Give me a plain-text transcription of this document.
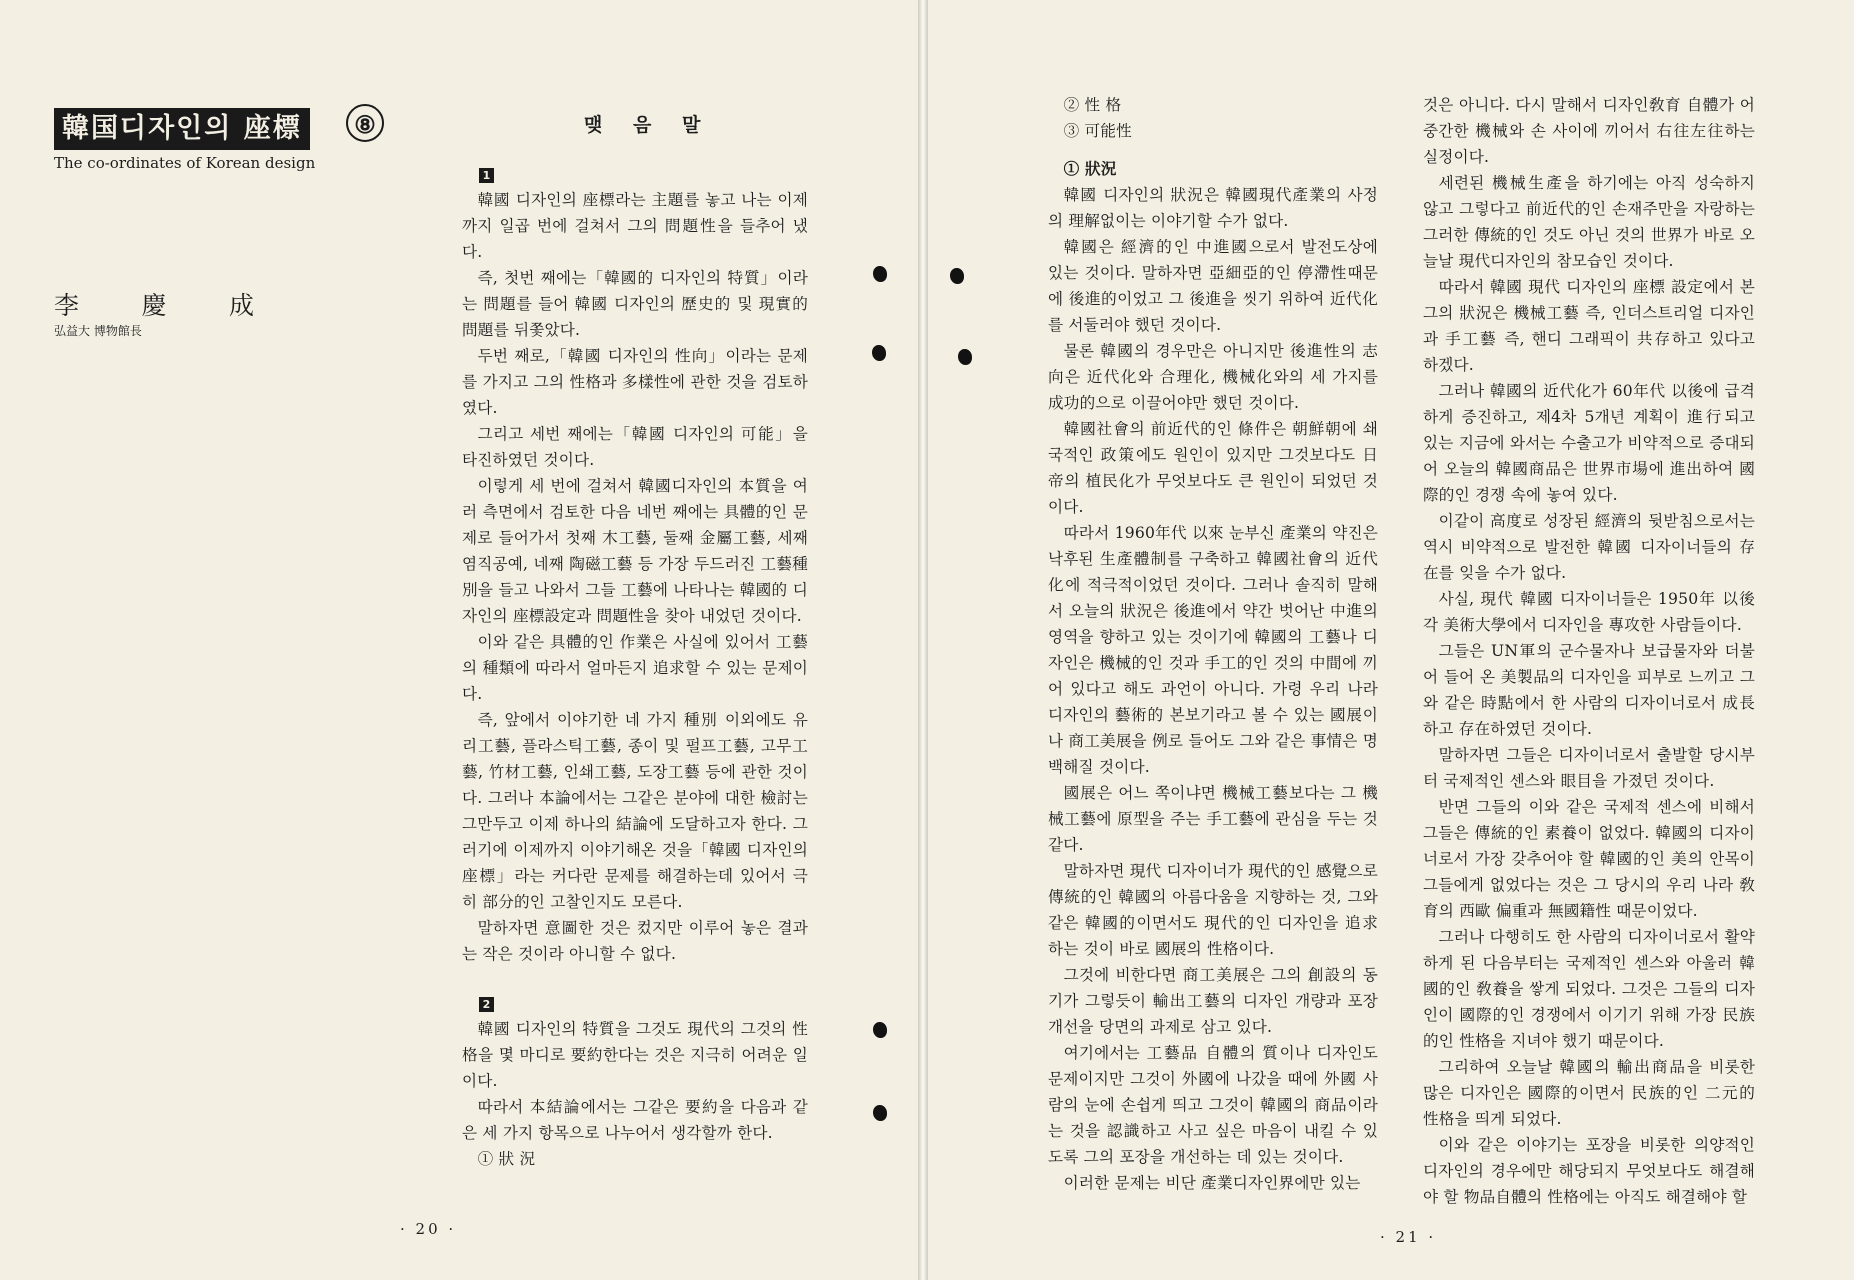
韓国디자인의 座標	⑧
The co-ordinates of Korean design
李 慶 成
弘益大 博物館長
맺 음 말
1

韓國 디자인의 座標라는 主題를 놓고 나는 이제까지 일곱 번에 걸쳐서 그의 問題性을 들추어 냈다.

즉, 첫번 째에는「韓國的 디자인의 特質」이라는 問題를 들어 韓國 디자인의 歷史的 및 現實的 問題를 뒤쫓았다.

두번 째로,「韓國 디자인의 性向」이라는 문제를 가지고 그의 性格과 多樣性에 관한 것을 검토하였다.

그리고 세번 째에는「韓國 디자인의 可能」을 타진하였던 것이다.

이렇게 세 번에 걸쳐서 韓國디자인의 本質을 여러 측면에서 검토한 다음 네번 째에는 具體的인 문제로 들어가서 첫째 木工藝, 둘째 金屬工藝, 세째 염직공예, 네째 陶磁工藝 등 가장 두드러진 工藝種別을 들고 나와서 그들 工藝에 나타나는 韓國的 디자인의 座標設定과 問題性을 찾아 내었던 것이다.

이와 같은 具體的인 作業은 사실에 있어서 工藝의 種類에 따라서 얼마든지 追求할 수 있는 문제이다.

즉, 앞에서 이야기한 네 가지 種別 이외에도 유리工藝, 플라스틱工藝, 종이 및 펄프工藝, 고무工藝, 竹材工藝, 인쇄工藝, 도장工藝 등에 관한 것이다. 그러나 本論에서는 그같은 분야에 대한 檢討는 그만두고 이제 하나의 結論에 도달하고자 한다. 그러기에 이제까지 이야기해온 것을「韓國 디자인의 座標」라는 커다란 문제를 해결하는데 있어서 극히 部分的인 고찰인지도 모른다.

말하자면 意圖한 것은 컸지만 이루어 놓은 결과는 작은 것이라 아니할 수 없다.

2

韓國 디자인의 特質을 그것도 現代의 그것의 性格을 몇 마디로 要約한다는 것은 지극히 어려운 일이다.

따라서 本結論에서는 그같은 要約을 다음과 같은 세 가지 항목으로 나누어서 생각할까 한다.

① 狀 況

· 20 ·

② 性 格

③ 可能性

① 狀況

韓國 디자인의 狀況은 韓國現代產業의 사정의 理解없이는 이야기할 수가 없다.

韓國은 經濟的인 中進國으로서 발전도상에 있는 것이다. 말하자면 亞細亞的인 停滯性때문에 後進的이었고 그 後進을 씻기 위하여 近代化를 서둘러야 했던 것이다.

물론 韓國의 경우만은 아니지만 後進性의 志向은 近代化와 合理化, 機械化와의 세 가지를 成功的으로 이끌어야만 했던 것이다.

韓國社會의 前近代的인 條件은 朝鮮朝에 쇄국적인 政策에도 원인이 있지만 그것보다도 日帝의 植民化가 무엇보다도 큰 원인이 되었던 것이다.

따라서 1960年代 以來 눈부신 產業의 약진은 낙후된 生產體制를 구축하고 韓國社會의 近代化에 적극적이었던 것이다. 그러나 솔직히 말해서 오늘의 狀況은 後進에서 약간 벗어난 中進의 영역을 향하고 있는 것이기에 韓國의 工藝나 디자인은 機械的인 것과 手工的인 것의 中間에 끼어 있다고 해도 과언이 아니다. 가령 우리 나라 디자인의 藝術的 본보기라고 볼 수 있는 國展이나 商工美展을 例로 들어도 그와 같은 事情은 명백해질 것이다.

國展은 어느 쪽이냐면 機械工藝보다는 그 機械工藝에 原型을 주는 手工藝에 관심을 두는 것 같다.

말하자면 現代 디자이너가 現代的인 感覺으로 傳統的인 韓國의 아름다움을 지향하는 것, 그와 같은 韓國的이면서도 現代的인 디자인을 追求하는 것이 바로 國展의 性格이다.

그것에 비한다면 商工美展은 그의 創設의 동기가 그렇듯이 輸出工藝의 디자인 개량과 포장 개선을 당면의 과제로 삼고 있다.

여기에서는 工藝品 自體의 質이나 디자인도 문제이지만 그것이 外國에 나갔을 때에 外國 사람의 눈에 손쉽게 띄고 그것이 韓國의 商品이라는 것을 認識하고 사고 싶은 마음이 내킬 수 있도록 그의 포장을 개선하는 데 있는 것이다.

이러한 문제는 비단 產業디자인界에만 있는

것은 아니다. 다시 말해서 디자인敎育 自體가 어중간한 機械와 손 사이에 끼어서 右往左往하는 실정이다.

세련된 機械生產을 하기에는 아직 성숙하지 않고 그렇다고 前近代的인 손재주만을 자랑하는 그러한 傳統的인 것도 아닌 것의 世界가 바로 오늘날 現代디자인의 참모습인 것이다.

따라서 韓國 現代 디자인의 座標 設定에서 본 그의 狀況은 機械工藝 즉, 인더스트리얼 디자인과 手工藝 즉, 핸디 그래픽이 共存하고 있다고 하겠다.

그러나 韓國의 近代化가 60年代 以後에 급격하게 증진하고, 제4차 5개년 계획이 進行되고 있는 지금에 와서는 수출고가 비약적으로 증대되어 오늘의 韓國商品은 世界市場에 進出하여 國際的인 경쟁 속에 놓여 있다.

이같이 高度로 성장된 經濟의 뒷받침으로서는 역시 비약적으로 발전한 韓國 디자이너들의 存在를 잊을 수가 없다.

사실, 現代 韓國 디자이너들은 1950年 以後 각 美術大學에서 디자인을 專攻한 사람들이다.

그들은 UN軍의 군수물자나 보급물자와 더불어 들어 온 美製品의 디자인을 피부로 느끼고 그와 같은 時點에서 한 사람의 디자이너로서 成長하고 存在하였던 것이다.

말하자면 그들은 디자이너로서 출발할 당시부터 국제적인 센스와 眼目을 가졌던 것이다.

반면 그들의 이와 같은 국제적 센스에 비해서 그들은 傳統的인 素養이 없었다. 韓國의 디자이너로서 가장 갖추어야 할 韓國的인 美의 안목이 그들에게 없었다는 것은 그 당시의 우리 나라 敎育의 西歐 偏重과 無國籍性 때문이었다.

그러나 다행히도 한 사람의 디자이너로서 활약하게 된 다음부터는 국제적인 센스와 아울러 韓國的인 敎養을 쌓게 되었다. 그것은 그들의 디자인이 國際的인 경쟁에서 이기기 위해 가장 民族的인 性格을 지녀야 했기 때문이다.

그리하여 오늘날 韓國의 輸出商品을 비롯한 많은 디자인은 國際的이면서 民族的인 二元的 性格을 띄게 되었다.

이와 같은 이야기는 포장을 비롯한 의양적인 디자인의 경우에만 해당되지 무엇보다도 해결해야 할 物品自體의 性格에는 아직도 해결해야 할

· 21 ·
